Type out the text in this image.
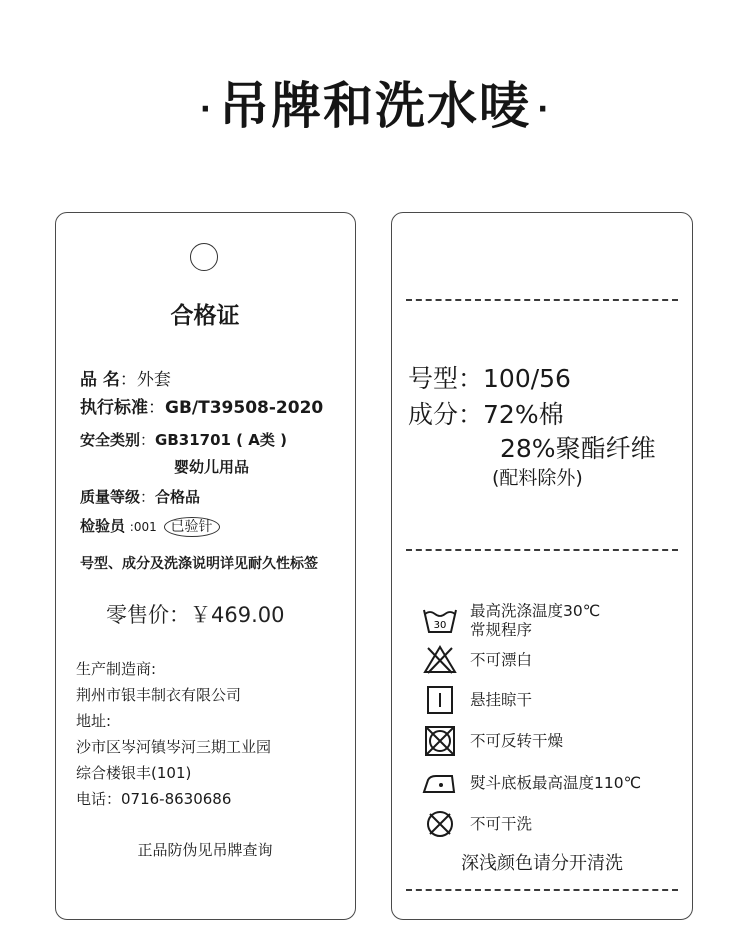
· 吊牌和洗水唛 ·
合格证
品 名：外套
执行标准：GB/T39508-2020
安全类别：GB31701 ( A类 )
婴幼儿用品
质量等级：合格品
检验员 :001 已验针
号型、成分及洗涤说明详见耐久性标签
零售价：￥469.00
生产制造商:
荆州市银丰制衣有限公司
地址:
沙市区岑河镇岑河三期工业园
综合楼银丰(101)
电话：0716-8630686
正品防伪见吊牌查询
号型：100/56
成分：72%棉
28%聚酯纤维
(配料除外)
30
最高洗涤温度30℃
常规程序
不可漂白
悬挂晾干
不可反转干燥
熨斗底板最高温度110℃
不可干洗
深浅颜色请分开清洗
